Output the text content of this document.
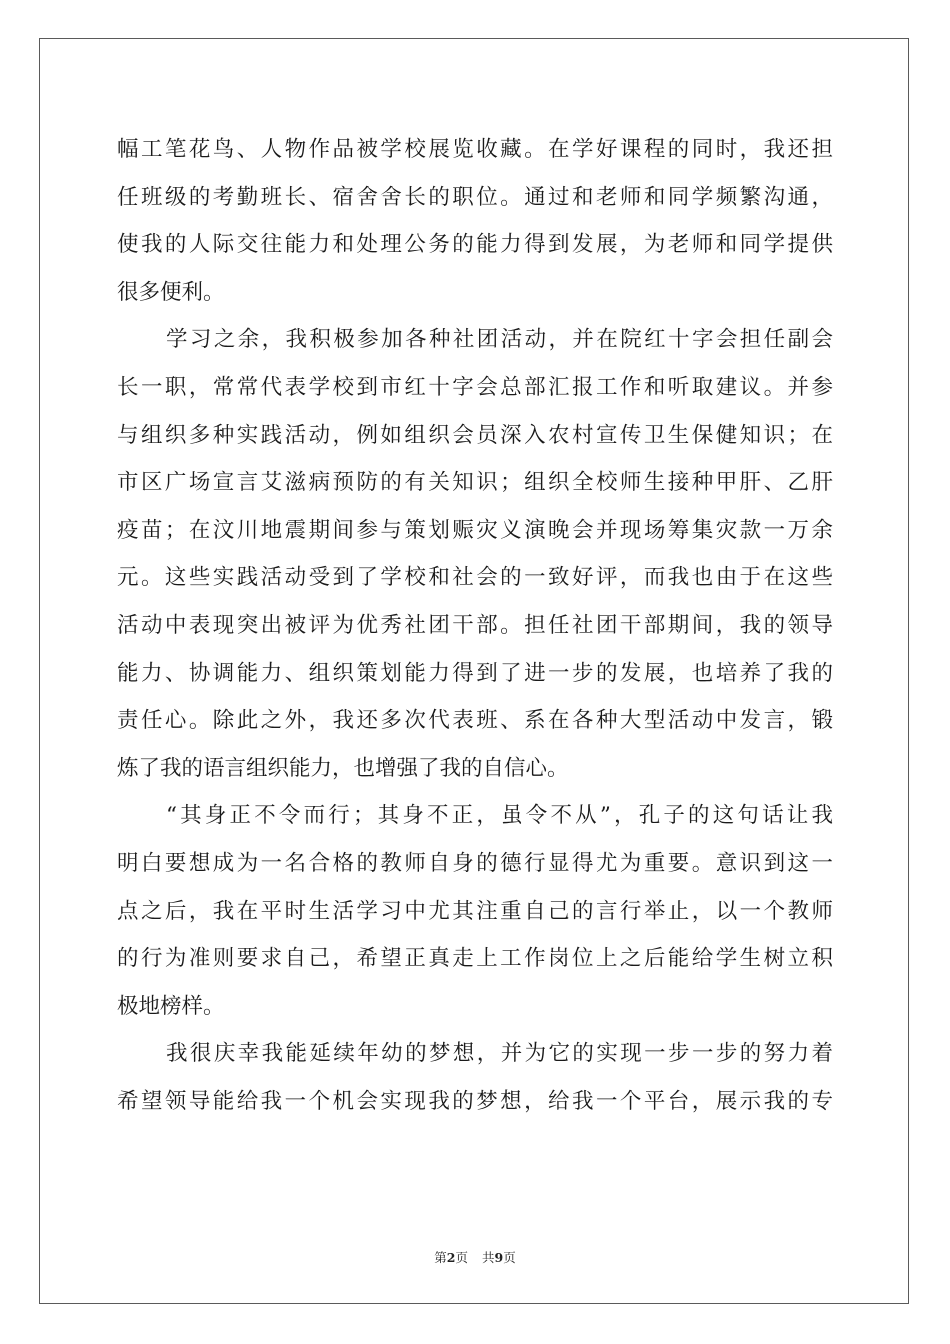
幅工笔花鸟、人物作品被学校展览收藏。在学好课程的同时，我还担
任班级的考勤班长、宿舍舍长的职位。通过和老师和同学频繁沟通，
使我的人际交往能力和处理公务的能力得到发展，为老师和同学提供
很多便利。
学习之余，我积极参加各种社团活动，并在院红十字会担任副会
长一职，常常代表学校到市红十字会总部汇报工作和听取建议。并参
与组织多种实践活动，例如组织会员深入农村宣传卫生保健知识；在
市区广场宣言艾滋病预防的有关知识；组织全校师生接种甲肝、乙肝
疫苗；在汶川地震期间参与策划赈灾义演晚会并现场筹集灾款一万余
元。这些实践活动受到了学校和社会的一致好评，而我也由于在这些
活动中表现突出被评为优秀社团干部。担任社团干部期间，我的领导
能力、协调能力、组织策划能力得到了进一步的发展，也培养了我的
责任心。除此之外，我还多次代表班、系在各种大型活动中发言，锻
炼了我的语言组织能力，也增强了我的自信心。
“其身正不令而行；其身不正，虽令不从”，孔子的这句话让我
明白要想成为一名合格的教师自身的德行显得尤为重要。意识到这一
点之后，我在平时生活学习中尤其注重自己的言行举止，以一个教师
的行为准则要求自己，希望正真走上工作岗位上之后能给学生树立积
极地榜样。
我很庆幸我能延续年幼的梦想，并为它的实现一步一步的努力着
希望领导能给我一个机会实现我的梦想，给我一个平台，展示我的专
第2页 共9页
